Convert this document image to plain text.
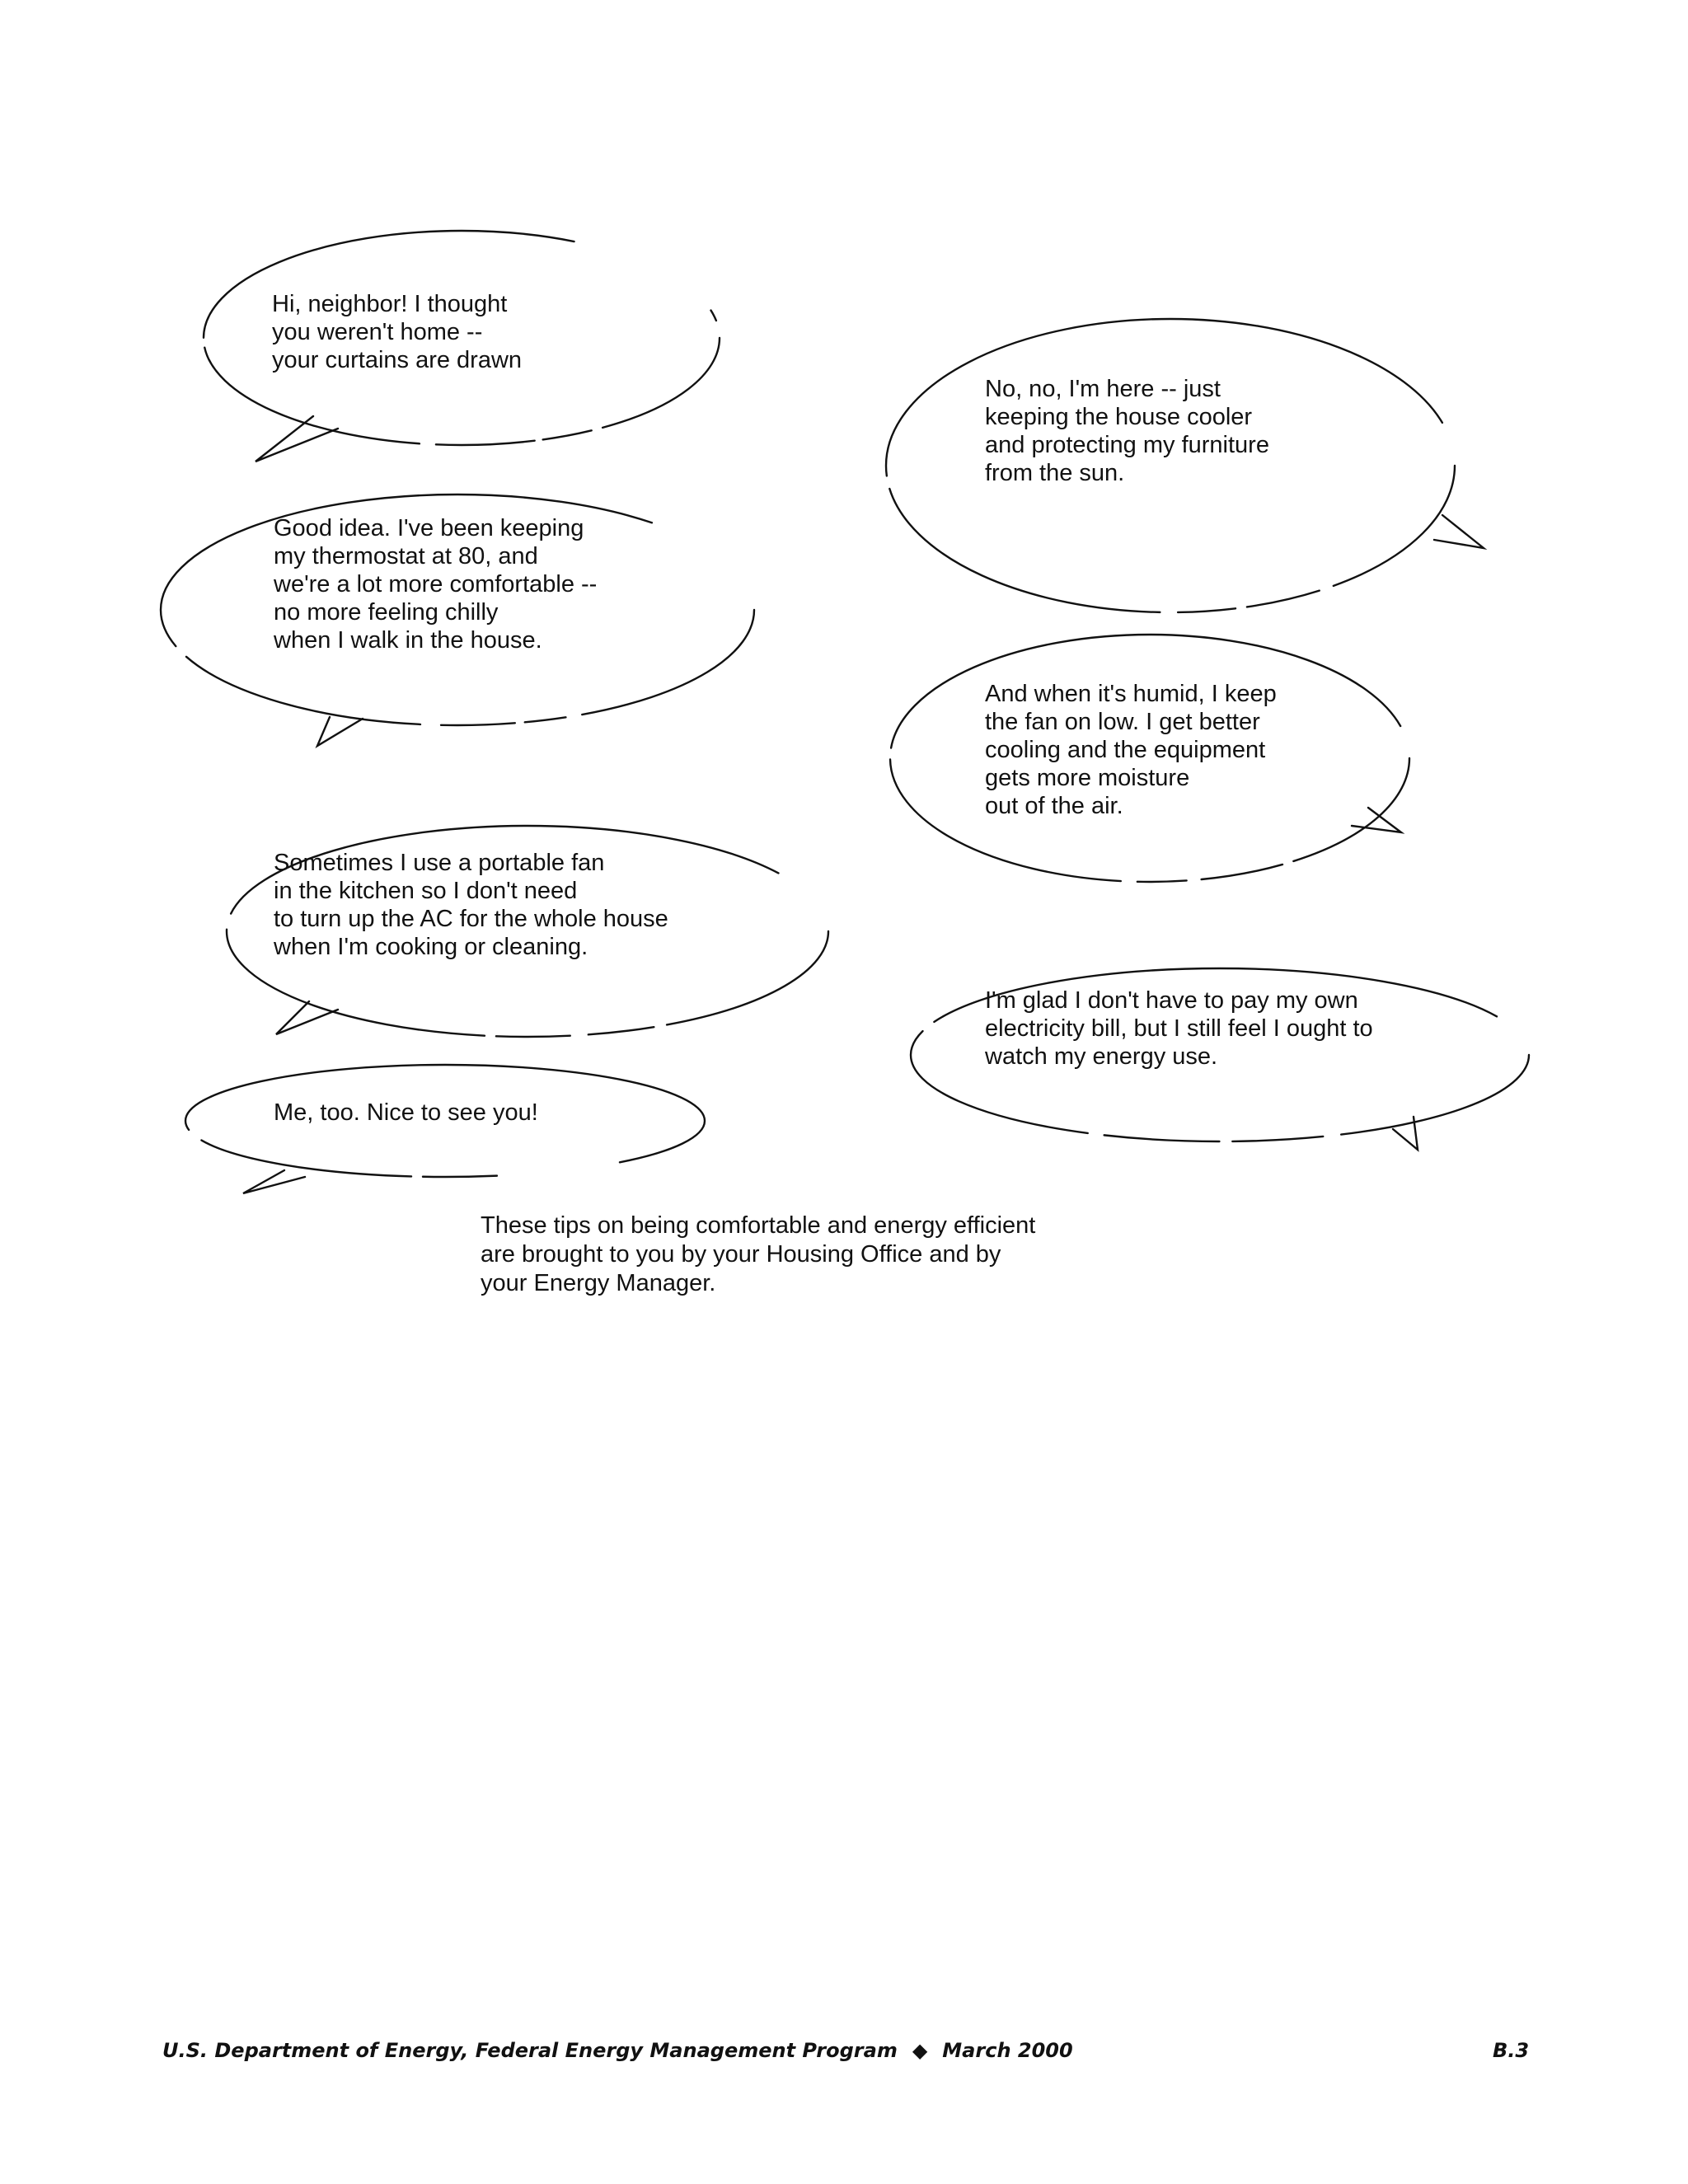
Hi, neighbor! I thought
you weren't home --
your curtains are drawn
No, no, I'm here -- just
keeping the house cooler
and protecting my furniture
from the sun.
Good idea. I've been keeping
my thermostat at 80, and
we're a lot more comfortable --
no more feeling chilly
when I walk in the house.
And when it's humid, I keep
the fan on low. I get better
cooling and the equipment
gets more moisture
out of the air.
Sometimes I use a portable fan
in the kitchen so I don't need
to turn up the AC for the whole house
when I'm cooking or cleaning.
I'm glad I don't have to pay my own
electricity bill, but I still feel I ought to
watch my energy use.
Me, too. Nice to see you!
These tips on being comfortable and energy efficient
are brought to you by your Housing Office and by
your Energy Manager.
U.S. Department of Energy, Federal Energy Management Program ◆ March 2000	B.3
